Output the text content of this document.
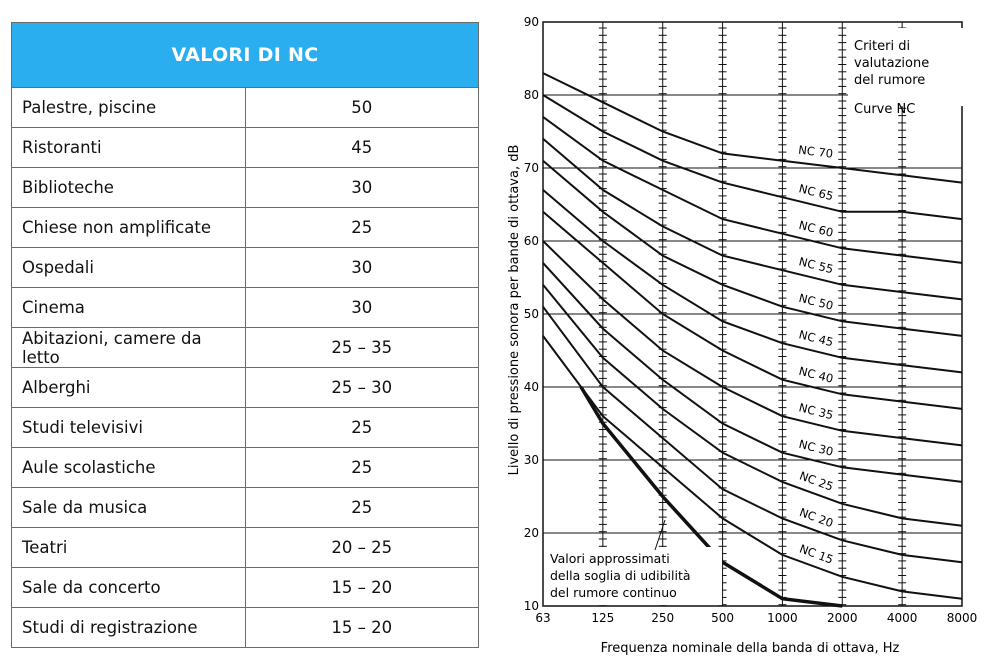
VALORI DI NC	
Palestre, piscine	50
Ristoranti	45
Biblioteche	30
Chiese non amplificate	25
Ospedali	30
Cinema	30
Abitazioni, camere da letto	25 – 35
Alberghi	25 – 30
Studi televisivi	25
Aule scolastiche	25
Sale da musica	25
Teatri	20 – 25
Sale da concerto	15 – 20
Studi di registrazione	15 – 20
NC 70
NC 65
NC 60
NC 55
NC 50
NC 45
NC 40
NC 35
NC 30
NC 25
NC 20
NC 15
Valori approssimati
della soglia di udibilità
del rumore continuo
10
20
30
40
50
60
70
80
90
63	125	250	500	1000 2000 4000 8000
Criteri di
valutazione
del rumore
Curve NC
Frequenza nominale della banda di ottava, Hz
Livello di pressione sonora per bande di ottava, dB
